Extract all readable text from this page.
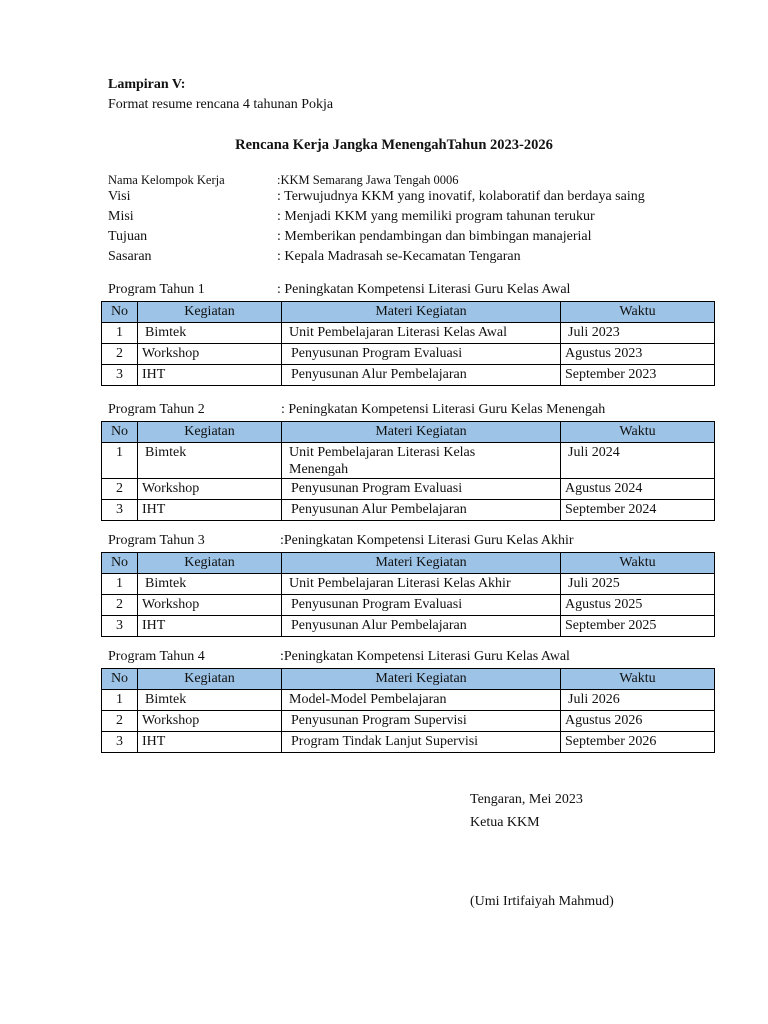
Lampiran V:
Format resume rencana 4 tahunan Pokja
Rencana Kerja Jangka MenengahTahun 2023-2026
Nama Kelompok Kerja	:KKM Semarang Jawa Tengah 0006
Visi	: Terwujudnya KKM yang inovatif, kolaboratif dan berdaya saing
Misi	: Menjadi KKM yang memiliki program tahunan terukur
Tujuan	: Memberikan pendambingan dan bimbingan manajerial
Sasaran	: Kepala Madrasah se-Kecamatan Tengaran
Program Tahun 1	: Peningkatan Kompetensi Literasi Guru Kelas Awal
No	Kegiatan	Materi Kegiatan	Waktu
1	Bimtek	Unit Pembelajaran Literasi Kelas Awal	Juli 2023
2	Workshop	Penyusunan Program Evaluasi	Agustus 2023
3	IHT	Penyusunan Alur Pembelajaran	September 2023
Program Tahun 2	: Peningkatan Kompetensi Literasi Guru Kelas Menengah
No	Kegiatan	Materi Kegiatan	Waktu
1	Bimtek	Unit Pembelajaran Literasi Kelas Menengah	Juli 2024
2	Workshop	Penyusunan Program Evaluasi	Agustus 2024
3	IHT	Penyusunan Alur Pembelajaran	September 2024
Program Tahun 3	:Peningkatan Kompetensi Literasi Guru Kelas Akhir
No	Kegiatan	Materi Kegiatan	Waktu
1	Bimtek	Unit Pembelajaran Literasi Kelas Akhir	Juli 2025
2	Workshop	Penyusunan Program Evaluasi	Agustus 2025
3	IHT	Penyusunan Alur Pembelajaran	September 2025
Program Tahun 4	:Peningkatan Kompetensi Literasi Guru Kelas Awal
No	Kegiatan	Materi Kegiatan	Waktu
1	Bimtek	Model-Model Pembelajaran	Juli 2026
2	Workshop	Penyusunan Program Supervisi	Agustus 2026
3	IHT	Program Tindak Lanjut Supervisi	September 2026
Tengaran, Mei 2023
Ketua KKM
(Umi Irtifaiyah Mahmud)
